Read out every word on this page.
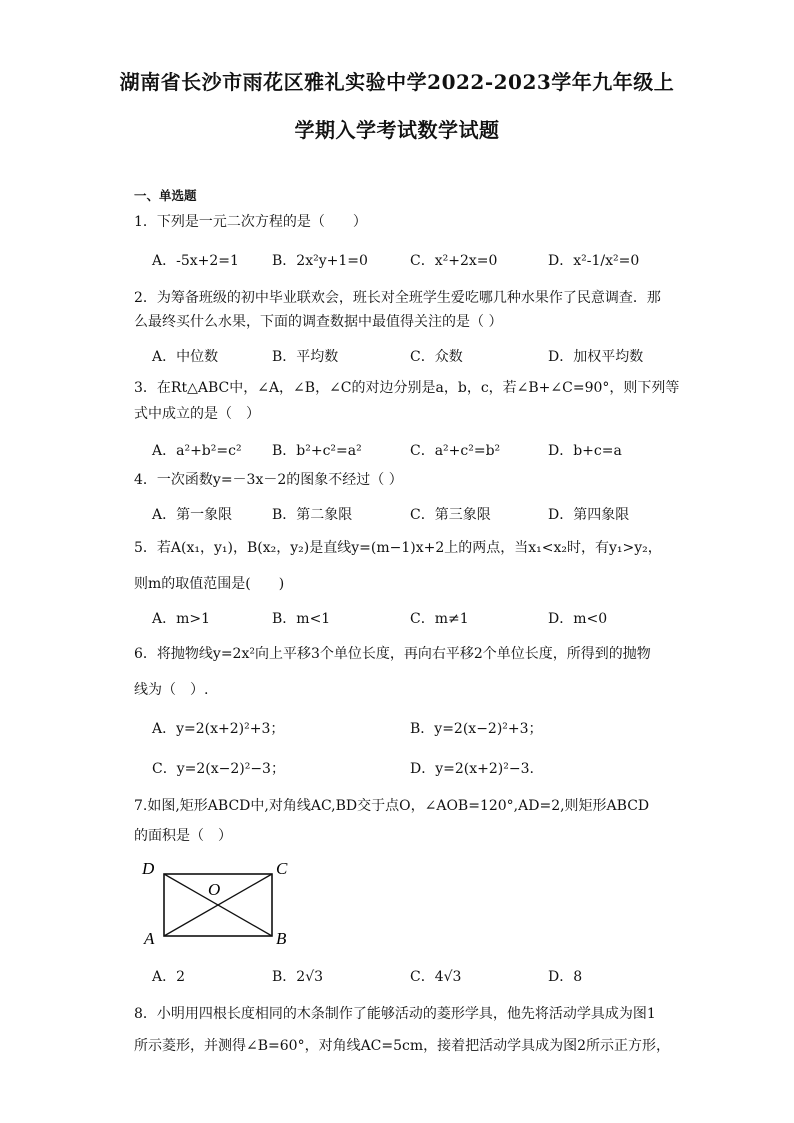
湖南省长沙市雨花区雅礼实验中学2022-2023学年九年级上
学期入学考试数学试题
一、单选题
1．下列是一元二次方程的是（　　）
A．-5x+2=1 B．2x²y+1=0	C．x²+2x=0	D．x²-1/x²=0
2．为筹备班级的初中毕业联欢会，班长对全班学生爱吃哪几种水果作了民意调查．那
么最终买什么水果，下面的调查数据中最值得关注的是（ ）
A．中位数	B．平均数	C．众数	D．加权平均数
3．在Rt△ABC中，∠A，∠B，∠C的对边分别是a，b，c，若∠B+∠C=90°，则下列等
式中成立的是（　）
A．a²+b²=c² B．b²+c²=a²	C．a²+c²=b²	D．b+c=a
4．一次函数y=－3x－2的图象不经过（ ）
A．第一象限	B．第二象限	C．第三象限	D．第四象限
5．若A(x₁，y₁)，B(x₂，y₂)是直线y=(m−1)x+2上的两点，当x₁<x₂时，有y₁>y₂，
则m的取值范围是(　　)
A．m>1	B．m<1	C．m≠1	D．m<0
6．将抛物线y=2x²向上平移3个单位长度，再向右平移2个单位长度，所得到的抛物
线为（　）.
A．y=2(x+2)²+3；	B．y=2(x−2)²+3；
C．y=2(x−2)²−3；	D．y=2(x+2)²−3.
7.如图,矩形ABCD中,对角线AC,BD交于点O，∠AOB=120°,AD=2,则矩形ABCD
的面积是（　）
D	C
A	B
O
A．2	B．2√3	C．4√3	D．8
8．小明用四根长度相同的木条制作了能够活动的菱形学具，他先将活动学具成为图1
所示菱形，并测得∠B=60°，对角线AC=5cm，接着把活动学具成为图2所示正方形，
